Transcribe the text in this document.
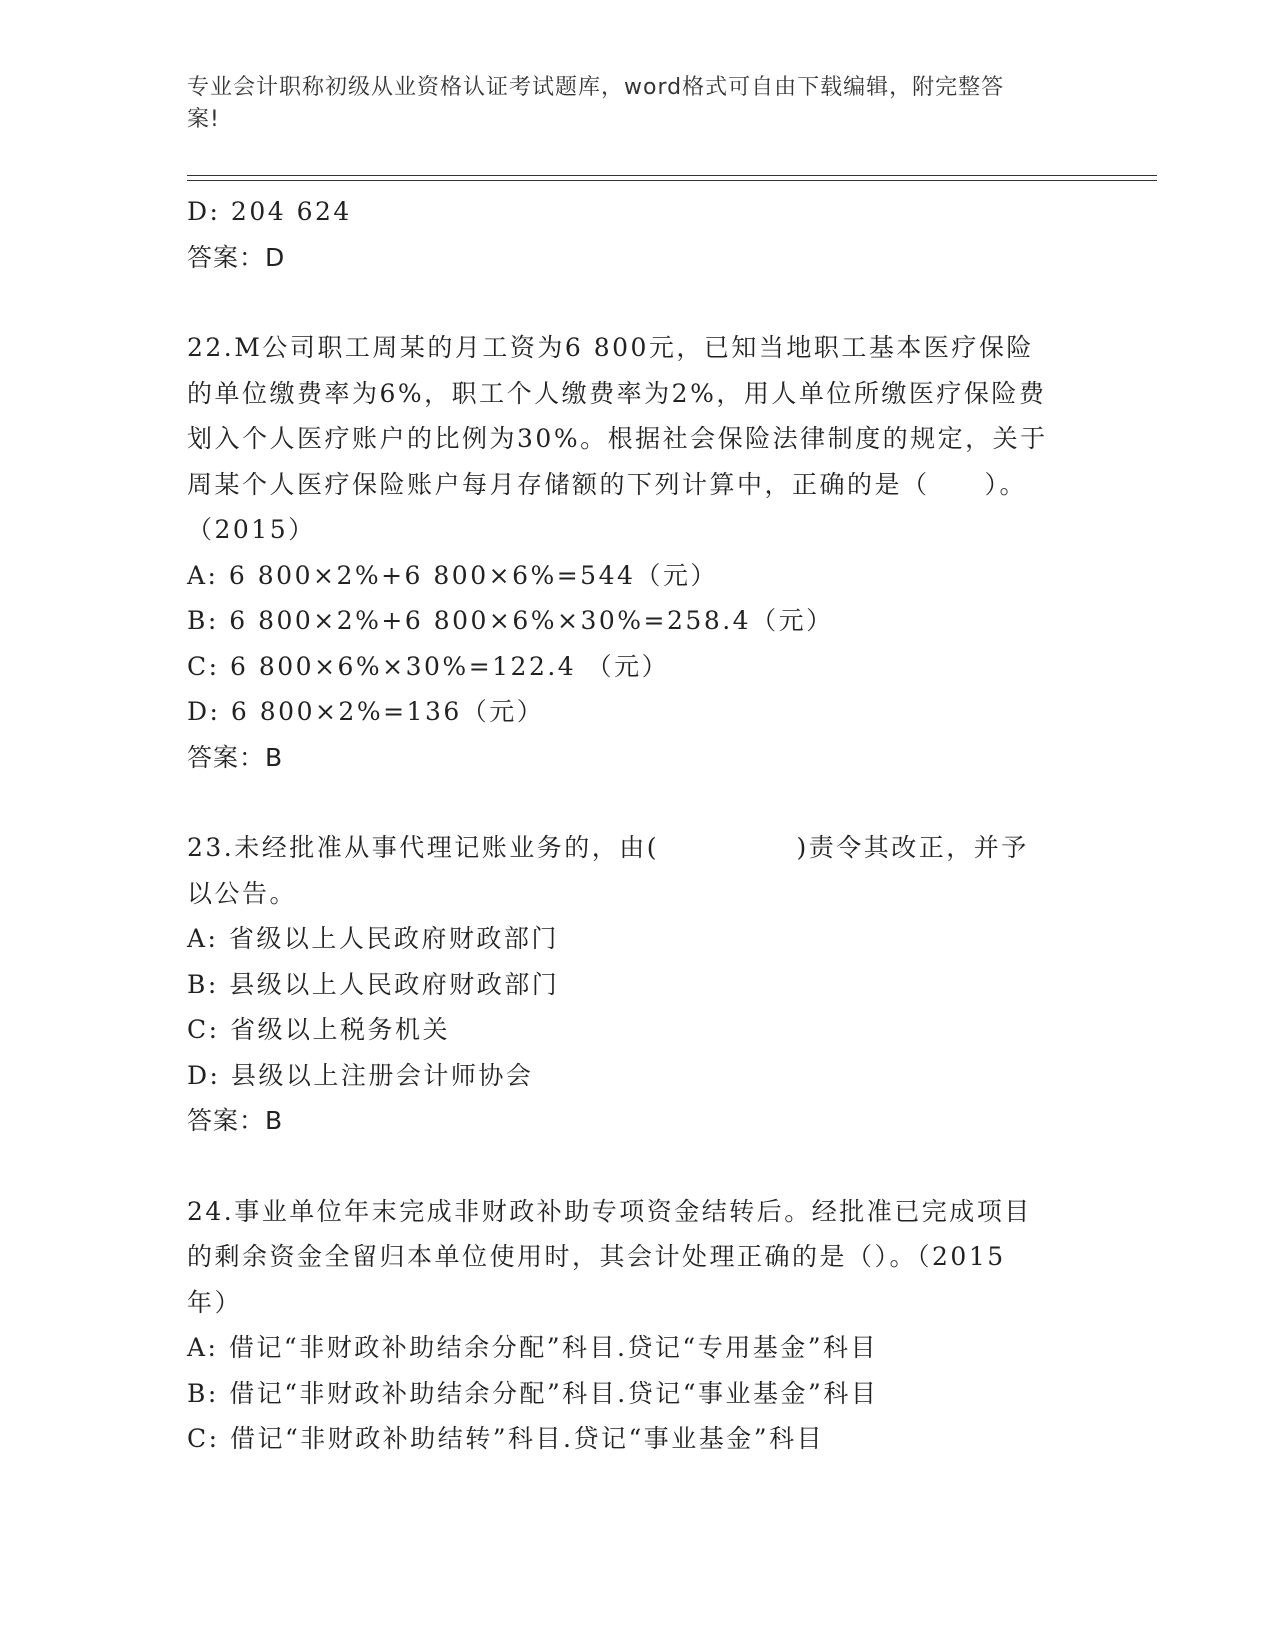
专业会计职称初级从业资格认证考试题库，word格式可自由下载编辑，附完整答
案!
D: 204 624
答案：D
22.M公司职工周某的月工资为6 800元，已知当地职工基本医疗保险
的单位缴费率为6%，职工个人缴费率为2%，用人单位所缴医疗保险费
划入个人医疗账户的比例为30%。根据社会保险法律制度的规定，关于
周某个人医疗保险账户每月存储额的下列计算中，正确的是（　　）。
（2015）
A: 6 800×2%+6 800×6%=544（元）
B: 6 800×2%+6 800×6%×30%=258.4（元）
C: 6 800×6%×30%=122.4 （元）
D: 6 800×2%=136（元）
答案：B
23.未经批准从事代理记账业务的，由(　　　　　)责令其改正，并予
以公告。
A: 省级以上人民政府财政部门
B: 县级以上人民政府财政部门
C: 省级以上税务机关
D: 县级以上注册会计师协会
答案：B
24.事业单位年末完成非财政补助专项资金结转后。经批准已完成项目
的剩余资金全留归本单位使用时，其会计处理正确的是（）。（2015
年）
A: 借记“非财政补助结余分配”科目.贷记“专用基金”科目
B: 借记“非财政补助结余分配”科目.贷记“事业基金”科目
C: 借记“非财政补助结转”科目.贷记“事业基金”科目
